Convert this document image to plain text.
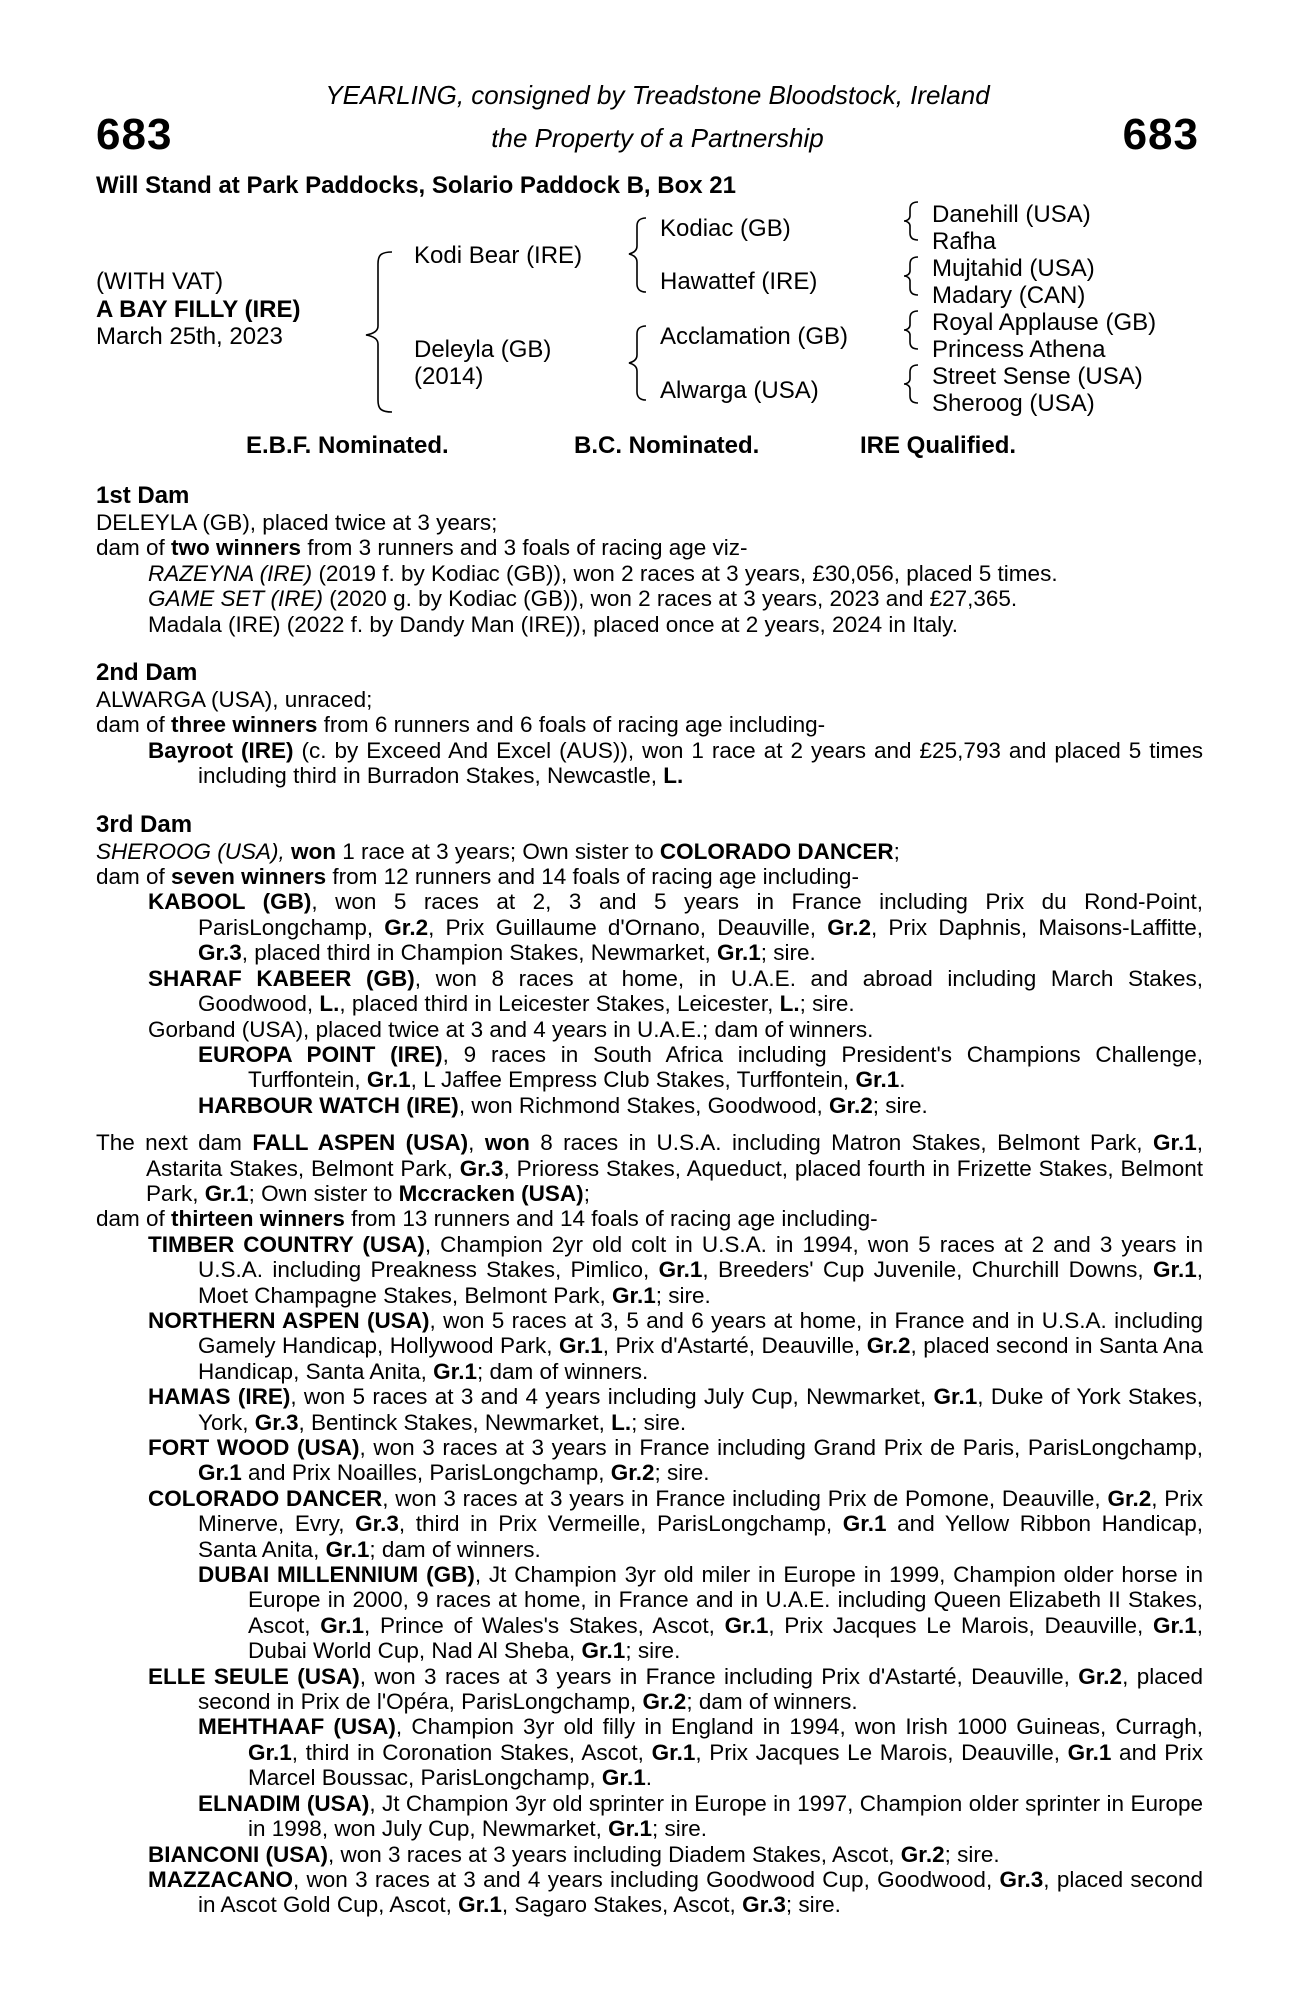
683	683
YEARLING, consigned by Treadstone Bloodstock, Ireland
the Property of a Partnership
Will Stand at Park Paddocks, Solario Paddock B, Box 21
(WITH VAT)
A BAY FILLY (IRE)
March 25th, 2023
Kodi Bear (IRE)
Deleyla (GB)
(2014)
Kodiac (GB)
Hawattef (IRE)
Acclamation (GB)
Alwarga (USA)
Danehill (USA)
Rafha
Mujtahid (USA)
Madary (CAN)
Royal Applause (GB)
Princess Athena
Street Sense (USA)
Sheroog (USA)
E.B.F. Nominated.	B.C. Nominated.	IRE Qualified.

1st Dam

DELEYLA (GB), placed twice at 3 years;

dam of two winners from 3 runners and 3 foals of racing age viz-

RAZEYNA (IRE) (2019 f. by Kodiac (GB)), won 2 races at 3 years, £30,056, placed 5 times.

GAME SET (IRE) (2020 g. by Kodiac (GB)), won 2 races at 3 years, 2023 and £27,365.

Madala (IRE) (2022 f. by Dandy Man (IRE)), placed once at 2 years, 2024 in Italy.

2nd Dam

ALWARGA (USA), unraced;

dam of three winners from 6 runners and 6 foals of racing age including-

Bayroot (IRE) (c. by Exceed And Excel (AUS)), won 1 race at 2 years and £25,793 and placed 5 times including third in Burradon Stakes, Newcastle, L.

3rd Dam

SHEROOG (USA), won 1 race at 3 years; Own sister to COLORADO DANCER;

dam of seven winners from 12 runners and 14 foals of racing age including-

KABOOL (GB), won 5 races at 2, 3 and 5 years in France including Prix du Rond-Point, ParisLongchamp, Gr.2, Prix Guillaume d'Ornano, Deauville, Gr.2, Prix Daphnis, Maisons-Laffitte, Gr.3, placed third in Champion Stakes, Newmarket, Gr.1; sire.

SHARAF KABEER (GB), won 8 races at home, in U.A.E. and abroad including March Stakes, Goodwood, L., placed third in Leicester Stakes, Leicester, L.; sire.

Gorband (USA), placed twice at 3 and 4 years in U.A.E.; dam of winners.

EUROPA POINT (IRE), 9 races in South Africa including President's Champions Challenge, Turffontein, Gr.1, L Jaffee Empress Club Stakes, Turffontein, Gr.1.

HARBOUR WATCH (IRE), won Richmond Stakes, Goodwood, Gr.2; sire.

The next dam FALL ASPEN (USA), won 8 races in U.S.A. including Matron Stakes, Belmont Park, Gr.1, Astarita Stakes, Belmont Park, Gr.3, Prioress Stakes, Aqueduct, placed fourth in Frizette Stakes, Belmont Park, Gr.1; Own sister to Mccracken (USA);

dam of thirteen winners from 13 runners and 14 foals of racing age including-

TIMBER COUNTRY (USA), Champion 2yr old colt in U.S.A. in 1994, won 5 races at 2 and 3 years in U.S.A. including Preakness Stakes, Pimlico, Gr.1, Breeders' Cup Juvenile, Churchill Downs, Gr.1, Moet Champagne Stakes, Belmont Park, Gr.1; sire.

NORTHERN ASPEN (USA), won 5 races at 3, 5 and 6 years at home, in France and in U.S.A. including Gamely Handicap, Hollywood Park, Gr.1, Prix d'Astarté, Deauville, Gr.2, placed second in Santa Ana Handicap, Santa Anita, Gr.1; dam of winners.

HAMAS (IRE), won 5 races at 3 and 4 years including July Cup, Newmarket, Gr.1, Duke of York Stakes, York, Gr.3, Bentinck Stakes, Newmarket, L.; sire.

FORT WOOD (USA), won 3 races at 3 years in France including Grand Prix de Paris, ParisLongchamp, Gr.1 and Prix Noailles, ParisLongchamp, Gr.2; sire.

COLORADO DANCER, won 3 races at 3 years in France including Prix de Pomone, Deauville, Gr.2, Prix Minerve, Evry, Gr.3, third in Prix Vermeille, ParisLongchamp, Gr.1 and Yellow Ribbon Handicap, Santa Anita, Gr.1; dam of winners.

DUBAI MILLENNIUM (GB), Jt Champion 3yr old miler in Europe in 1999, Champion older horse in Europe in 2000, 9 races at home, in France and in U.A.E. including Queen Elizabeth II Stakes, Ascot, Gr.1, Prince of Wales's Stakes, Ascot, Gr.1, Prix Jacques Le Marois, Deauville, Gr.1, Dubai World Cup, Nad Al Sheba, Gr.1; sire.

ELLE SEULE (USA), won 3 races at 3 years in France including Prix d'Astarté, Deauville, Gr.2, placed second in Prix de l'Opéra, ParisLongchamp, Gr.2; dam of winners.

MEHTHAAF (USA), Champion 3yr old filly in England in 1994, won Irish 1000 Guineas, Curragh, Gr.1, third in Coronation Stakes, Ascot, Gr.1, Prix Jacques Le Marois, Deauville, Gr.1 and Prix Marcel Boussac, ParisLongchamp, Gr.1.

ELNADIM (USA), Jt Champion 3yr old sprinter in Europe in 1997, Champion older sprinter in Europe in 1998, won July Cup, Newmarket, Gr.1; sire.

BIANCONI (USA), won 3 races at 3 years including Diadem Stakes, Ascot, Gr.2; sire.

MAZZACANO, won 3 races at 3 and 4 years including Goodwood Cup, Goodwood, Gr.3, placed second in Ascot Gold Cup, Ascot, Gr.1, Sagaro Stakes, Ascot, Gr.3; sire.
